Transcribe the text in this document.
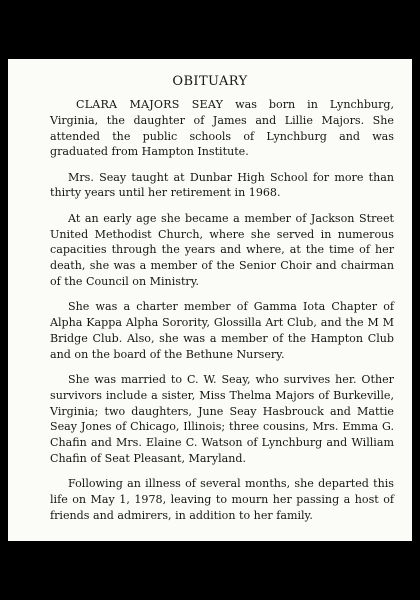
OBITUARY

CLARA MAJORS SEAY was born in Lynchburg, Virginia, the daughter of James and Lillie Majors. She attended the public schools of Lynchburg and was graduated from Hampton Institute.

Mrs. Seay taught at Dunbar High School for more than thirty years until her retirement in 1968.

At an early age she became a member of Jackson Street United Methodist Church, where she served in numerous capacities through the years and where, at the time of her death, she was a member of the Senior Choir and chairman of the Council on Ministry.

She was a charter member of Gamma Iota Chapter of Alpha Kappa Alpha Sorority, Glossilla Art Club, and the M M Bridge Club. Also, she was a member of the Hampton Club and on the board of the Bethune Nursery.

She was married to C. W. Seay, who survives her. Other survivors include a sister, Miss Thelma Majors of Burkeville, Virginia; two daughters, June Seay Hasbrouck and Mattie Seay Jones of Chicago, Illinois; three cousins, Mrs. Emma G. Chafin and Mrs. Elaine C. Watson of Lynchburg and William Chafin of Seat Pleasant, Maryland.

Following an illness of several months, she departed this life on May 1, 1978, leaving to mourn her passing a host of friends and admirers, in addition to her family.
